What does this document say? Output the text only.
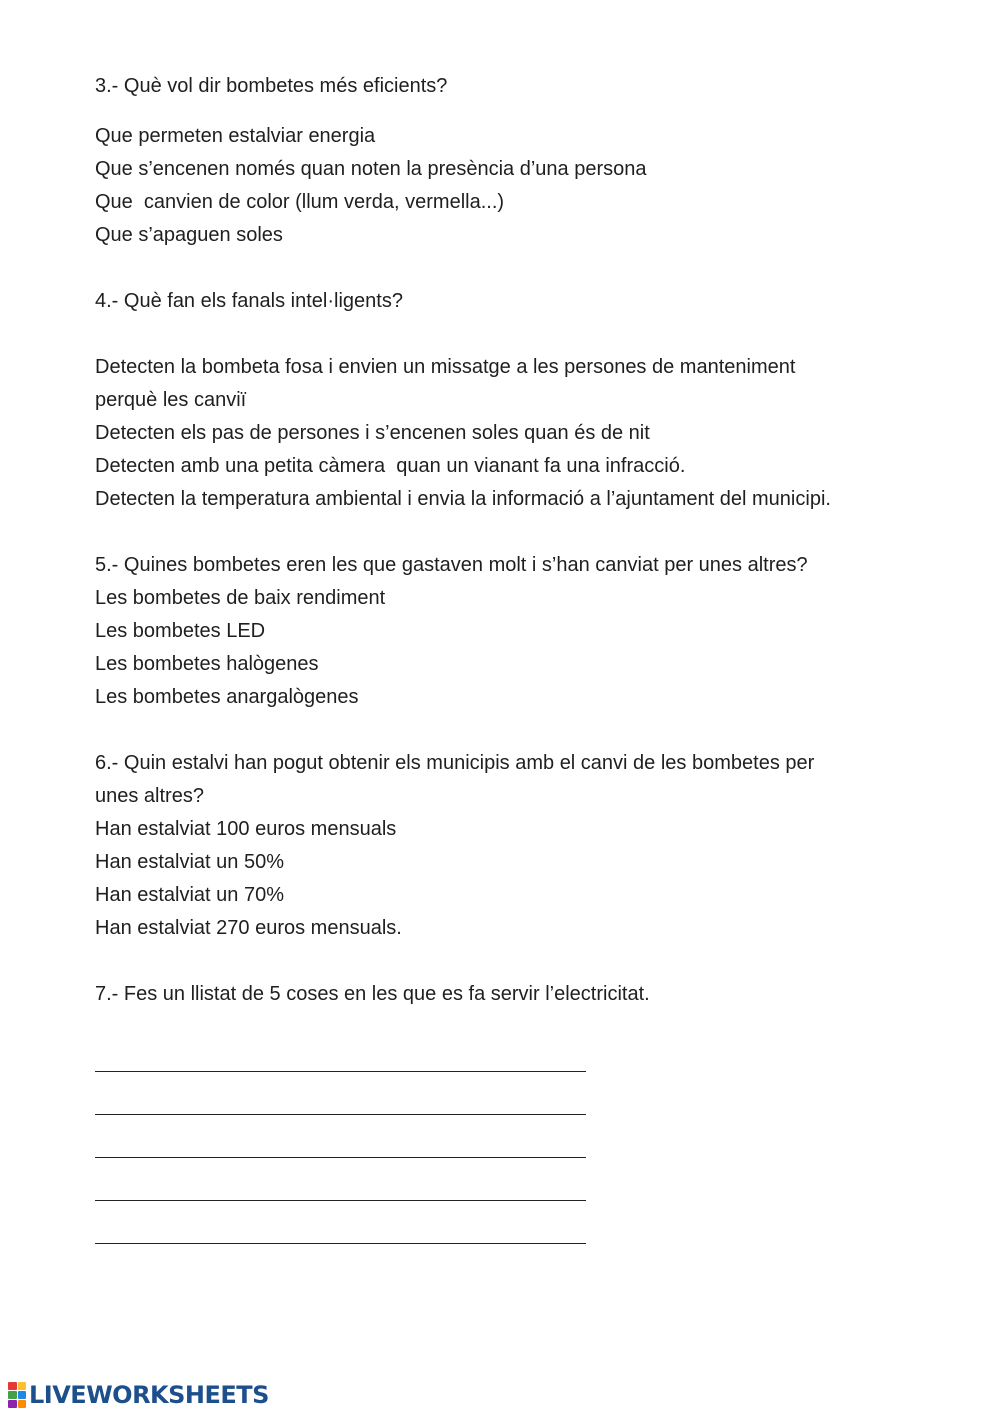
3.- Què vol dir bombetes més eficients?
Que permeten estalviar energia
Que s’encenen només quan noten la presència d’una persona
Que  canvien de color (llum verda, vermella...)
Que s’apaguen soles
4.- Què fan els fanals intel·ligents?
Detecten la bombeta fosa i envien un missatge a les persones de manteniment
perquè les canviï
Detecten els pas de persones i s’encenen soles quan és de nit
Detecten amb una petita càmera  quan un vianant fa una infracció.
Detecten la temperatura ambiental i envia la informació a l’ajuntament del municipi.
5.- Quines bombetes eren les que gastaven molt i s’han canviat per unes altres?
Les bombetes de baix rendiment
Les bombetes LED
Les bombetes halògenes
Les bombetes anargalògenes
6.- Quin estalvi han pogut obtenir els municipis amb el canvi de les bombetes per
unes altres?
Han estalviat 100 euros mensuals
Han estalviat un 50%
Han estalviat un 70%
Han estalviat 270 euros mensuals.
7.- Fes un llistat de 5 coses en les que es fa servir l’electricitat.
LIVEWORKSHEETS
